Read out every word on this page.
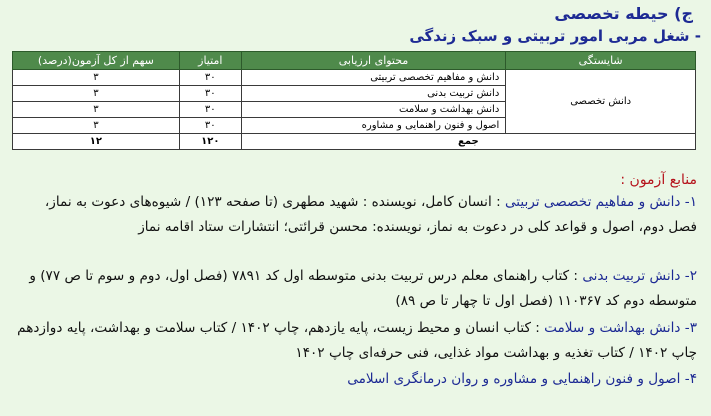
ج) حیطه تخصصی
- شغل مربی امور تربیتی و سبک زندگی
شایستگی	محتوای ارزیابی	امتیاز	سهم از کل آزمون(درصد)
دانش تخصصی	دانش و مفاهیم تخصصی تربیتی	۳۰	۳
	دانش تربیت بدنی	۳۰	۳
	دانش بهداشت و سلامت	۳۰	۳
	اصول و فنون راهنمایی و مشاوره	۳۰	۳
جمع		۱۲۰	۱۲
منابع آزمون :

۱- دانش و مفاهیم تخصصی تربیتی : انسان کامل، نویسنده : شهید مطهری (تا صفحه ۱۲۳) / شیوه‌های دعوت به نماز، فصل دوم، اصول و قواعد کلی در دعوت به نماز، نویسنده: محسن قرائتی؛ انتشارات ستاد اقامه نماز

۲- دانش تربیت بدنی : کتاب راهنمای معلم درس تربیت بدنی متوسطه اول کد ۷۸۹۱ (فصل اول، دوم و سوم تا ص ۷۷) و متوسطه دوم کد ۱۱۰۳۶۷ (فصل اول تا چهار تا ص ۸۹)

۳- دانش بهداشت و سلامت : کتاب انسان و محیط زیست، پایه یازدهم، چاپ ۱۴۰۲ / کتاب سلامت و بهداشت، پایه دوازدهم چاپ ۱۴۰۲ / کتاب تغذیه و بهداشت مواد غذایی، فنی حرفه‌ای چاپ ۱۴۰۲

۴- اصول و فنون راهنمایی و مشاوره و روان درمانگری اسلامی
